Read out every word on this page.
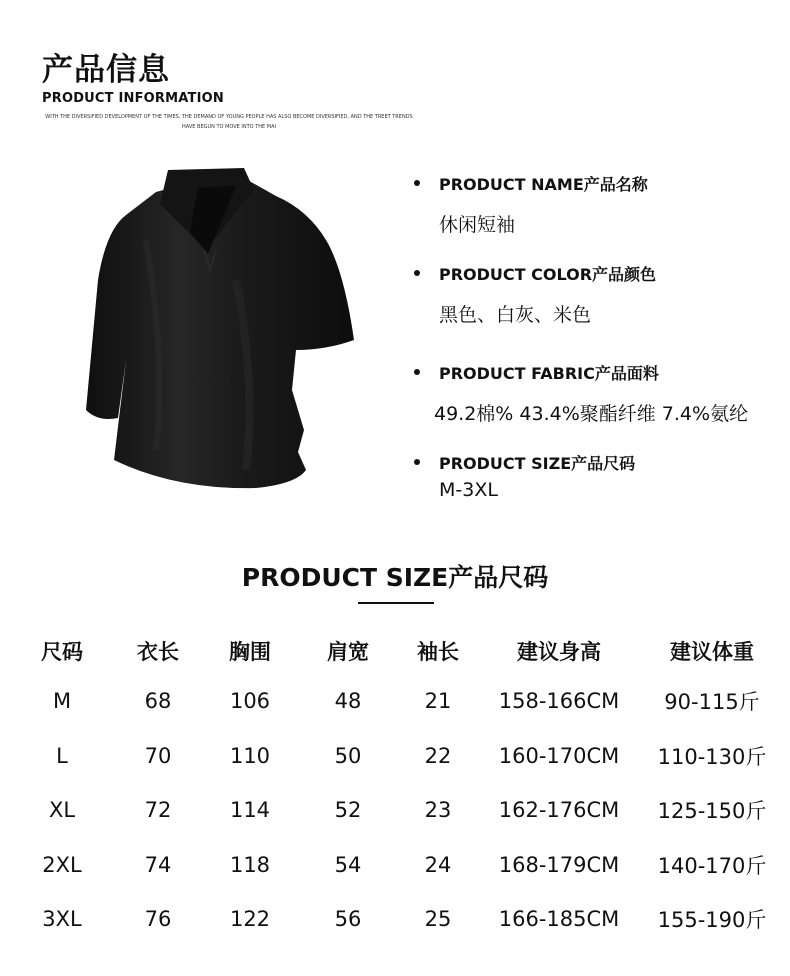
产品信息
PRODUCT INFORMATION
WITH THE DIVERSIFIED DEVELOPMENT OF THE TIMES, THE DEMAND OF YOUNG PEOPLE HAS ALSO BECOME DIVERSIFIED, AND THE TREET TRENDS HAVE BEGUN TO MOVE INTO THE MAI
PRODUCT NAME产品名称
休闲短袖
PRODUCT COLOR产品颜色
黑色、白灰、米色
PRODUCT FABRIC产品面料
49.2棉% 43.4%聚酯纤维 7.4%氨纶
PRODUCT SIZE产品尺码
M-3XL
PRODUCT SIZE产品尺码
尺码	衣长	胸围	肩宽	袖长	建议身高	建议体重
M	68	106	48	21	158-166CM	90-115斤
L	70	110	50	22	160-170CM	110-130斤
XL	72	114	52	23	162-176CM	125-150斤
2XL	74	118	54	24	168-179CM	140-170斤
3XL	76	122	56	25	166-185CM	155-190斤
